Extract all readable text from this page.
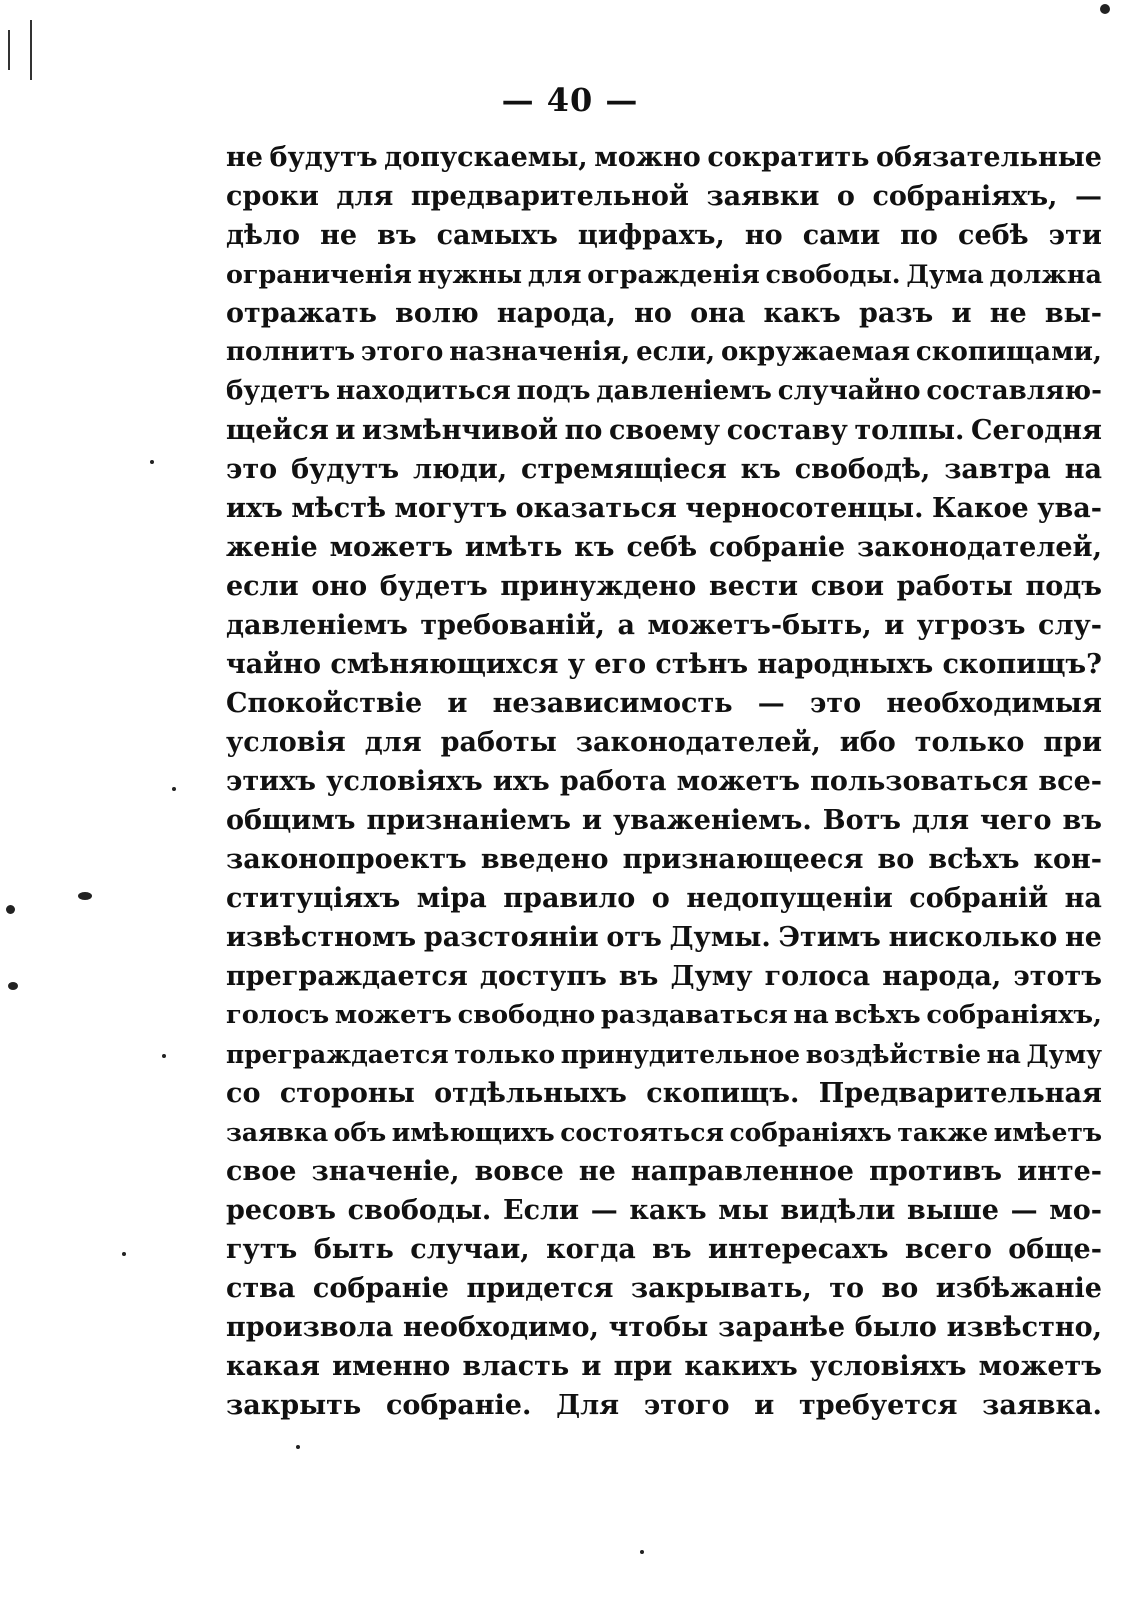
— 40 —
не будутъ допускаемы, можно сократить обязательные
сроки для предварительной заявки о собраніяхъ, —
дѣло не въ самыхъ цифрахъ, но сами по себѣ эти
ограниченія нужны для огражденія свободы. Дума должна
отражать волю народа, но она какъ разъ и не вы-
полнитъ этого назначенія, если, окружаемая скопищами,
будетъ находиться подъ давленіемъ случайно составляю-
щейся и измѣнчивой по своему составу толпы. Сегодня
это будутъ люди, стремящіеся къ свободѣ, завтра на
ихъ мѣстѣ могутъ оказаться черносотенцы. Какое ува-
женіе можетъ имѣть къ себѣ собраніе законодателей,
если оно будетъ принуждено вести свои работы подъ
давленіемъ требованій, а можетъ-быть, и угрозъ слу-
чайно смѣняющихся у его стѣнъ народныхъ скопищъ?
Спокойствіе и независимость — это необходимыя
условія для работы законодателей, ибо только при
этихъ условіяхъ ихъ работа можетъ пользоваться все-
общимъ признаніемъ и уваженіемъ. Вотъ для чего въ
законопроектъ введено признающееся во всѣхъ кон-
ституціяхъ міра правило о недопущеніи собраній на
извѣстномъ разстояніи отъ Думы. Этимъ нисколько не
преграждается доступъ въ Думу голоса народа, этотъ
голосъ можетъ свободно раздаваться на всѣхъ собраніяхъ,
преграждается только принудительное воздѣйствіе на Думу
со стороны отдѣльныхъ скопищъ. Предварительная
заявка объ имѣющихъ состояться собраніяхъ также имѣетъ
свое значеніе, вовсе не направленное противъ инте-
ресовъ свободы. Если — какъ мы видѣли выше — мо-
гутъ быть случаи, когда въ интересахъ всего обще-
ства собраніе придется закрывать, то во избѣжаніе
произвола необходимо, чтобы заранѣе было извѣстно,
какая именно власть и при какихъ условіяхъ можетъ
закрыть собраніе. Для этого и требуется заявка.
